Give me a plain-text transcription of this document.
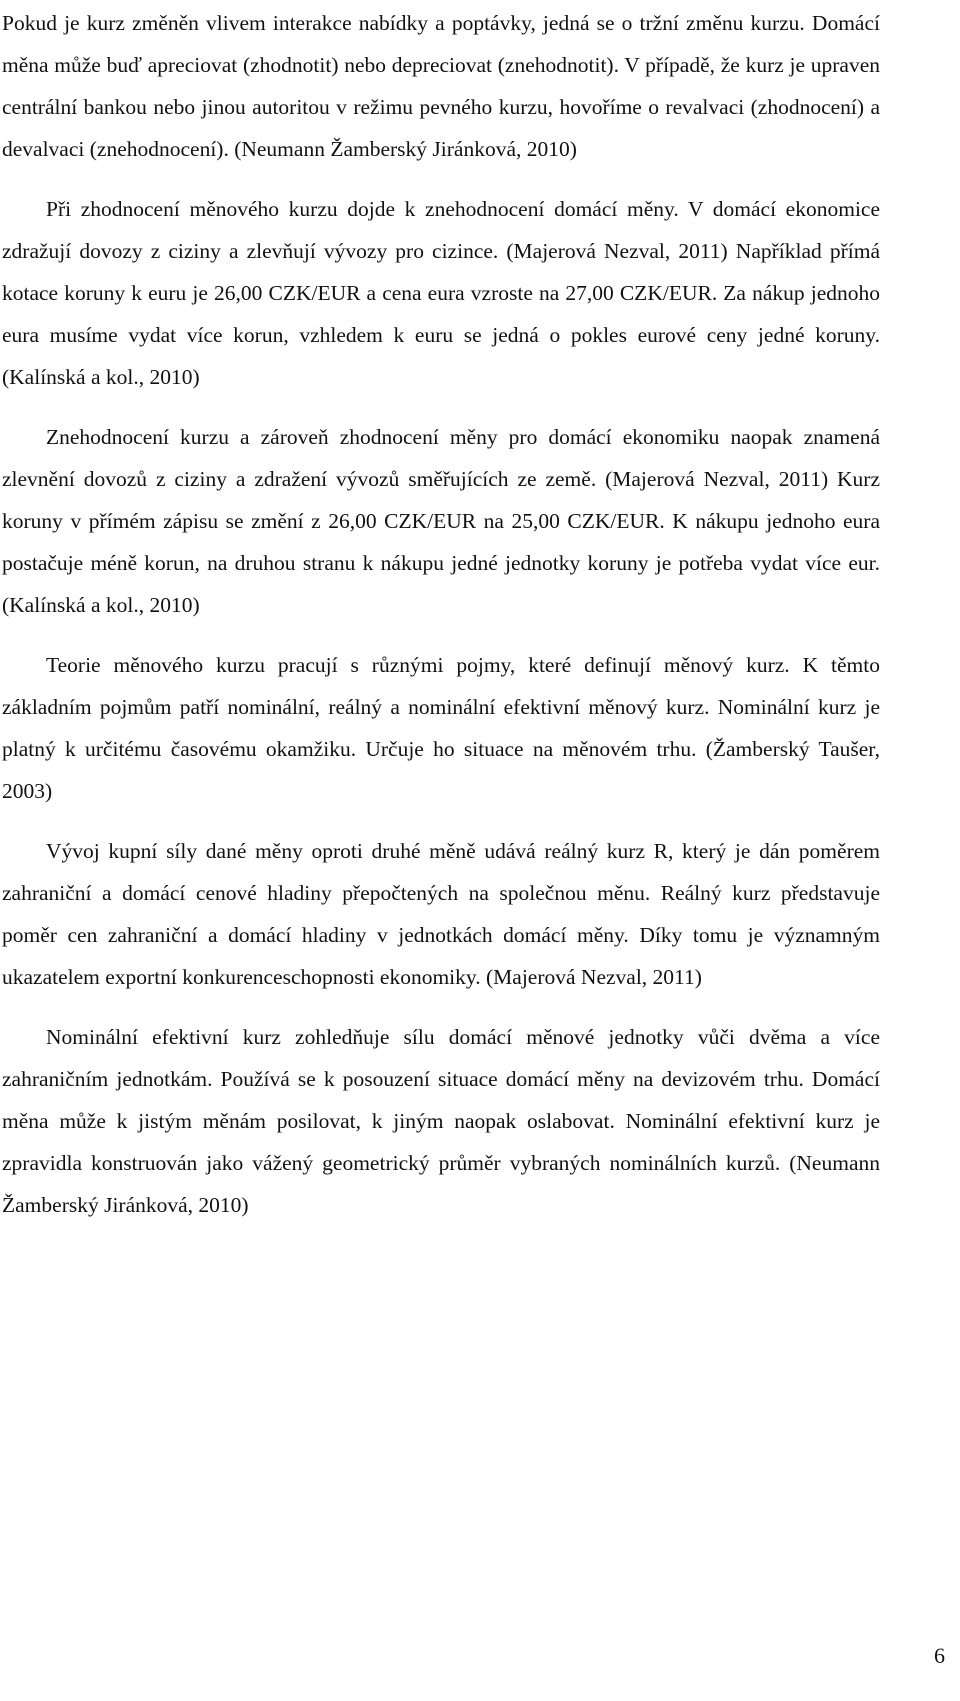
Pokud je kurz změněn vlivem interakce nabídky a poptávky, jedná se o tržní změnu kurzu. Domácí měna může buď apreciovat (zhodnotit) nebo depreciovat (znehodnotit). V případě, že kurz je upraven centrální bankou nebo jinou autoritou v režimu pevného kurzu, hovoříme o revalvaci (zhodnocení) a devalvaci (znehodnocení). (Neumann Žamberský Jiránková, 2010)

Při zhodnocení měnového kurzu dojde k znehodnocení domácí měny. V domácí ekonomice zdražují dovozy z ciziny a zlevňují vývozy pro cizince. (Majerová Nezval, 2011) Například přímá kotace koruny k euru je 26,00 CZK/EUR a cena eura vzroste na 27,00 CZK/EUR. Za nákup jednoho eura musíme vydat více korun, vzhledem k euru se jedná o pokles eurové ceny jedné koruny. (Kalínská a kol., 2010)

Znehodnocení kurzu a zároveň zhodnocení měny pro domácí ekonomiku naopak znamená zlevnění dovozů z ciziny a zdražení vývozů směřujících ze země. (Majerová Nezval, 2011) Kurz koruny v přímém zápisu se změní z 26,00 CZK/EUR na 25,00 CZK/EUR. K nákupu jednoho eura postačuje méně korun, na druhou stranu k nákupu jedné jednotky koruny je potřeba vydat více eur. (Kalínská a kol., 2010)

Teorie měnového kurzu pracují s různými pojmy, které definují měnový kurz. K těmto základním pojmům patří nominální, reálný a nominální efektivní měnový kurz. Nominální kurz je platný k určitému časovému okamžiku. Určuje ho situace na měnovém trhu. (Žamberský Taušer, 2003)

Vývoj kupní síly dané měny oproti druhé měně udává reálný kurz R, který je dán poměrem zahraniční a domácí cenové hladiny přepočtených na společnou měnu. Reálný kurz představuje poměr cen zahraniční a domácí hladiny v jednotkách domácí měny. Díky tomu je významným ukazatelem exportní konkurenceschopnosti ekonomiky. (Majerová Nezval, 2011)

Nominální efektivní kurz zohledňuje sílu domácí měnové jednotky vůči dvěma a více zahraničním jednotkám. Používá se k posouzení situace domácí měny na devizovém trhu. Domácí měna může k jistým měnám posilovat, k jiným naopak oslabovat. Nominální efektivní kurz je zpravidla konstruován jako vážený geometrický průměr vybraných nominálních kurzů. (Neumann Žamberský Jiránková, 2010)

6
